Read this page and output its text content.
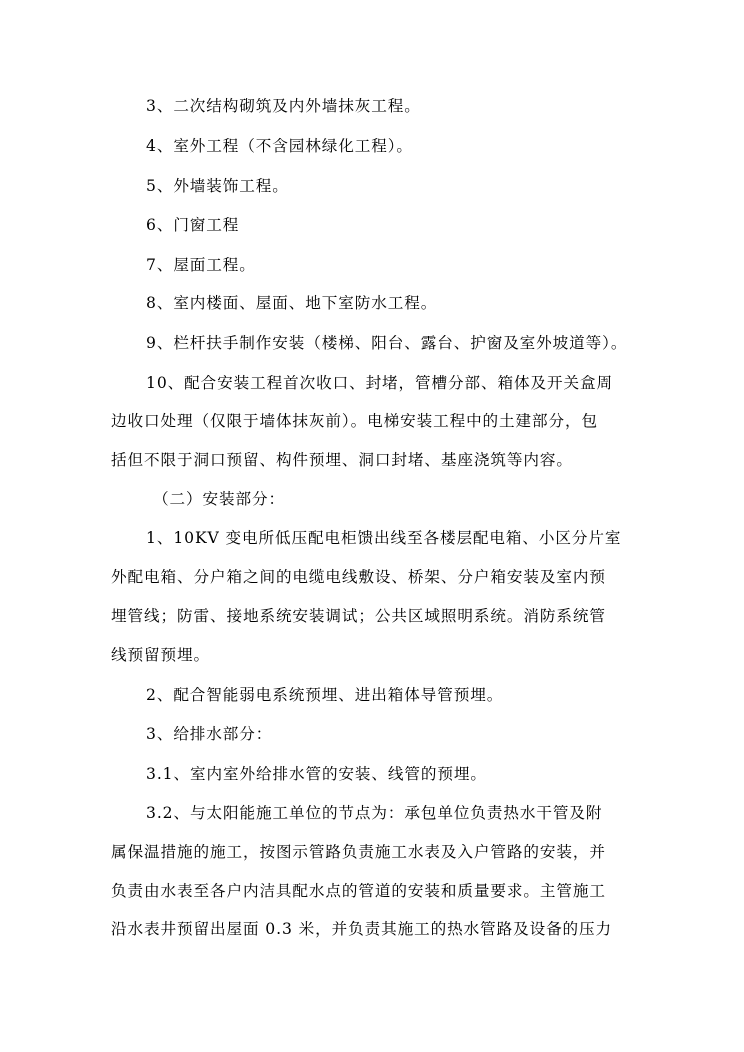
3、二次结构砌筑及内外墙抹灰工程。
4、室外工程（不含园林绿化工程）。
5、外墙装饰工程。
6、门窗工程
7、屋面工程。
8、室内楼面、屋面、地下室防水工程。
9、栏杆扶手制作安装（楼梯、阳台、露台、护窗及室外坡道等）。
10、配合安装工程首次收口、封堵，管槽分部、箱体及开关盒周
边收口处理（仅限于墙体抹灰前）。电梯安装工程中的土建部分，包
括但不限于洞口预留、构件预埋、洞口封堵、基座浇筑等内容。
（二）安装部分：
1、10KV 变电所低压配电柜馈出线至各楼层配电箱、小区分片室
外配电箱、分户箱之间的电缆电线敷设、桥架、分户箱安装及室内预
埋管线；防雷、接地系统安装调试；公共区域照明系统。消防系统管
线预留预埋。
2、配合智能弱电系统预埋、进出箱体导管预埋。
3、给排水部分：
3.1、室内室外给排水管的安装、线管的预埋。
3.2、与太阳能施工单位的节点为：承包单位负责热水干管及附
属保温措施的施工，按图示管路负责施工水表及入户管路的安装，并
负责由水表至各户内洁具配水点的管道的安装和质量要求。主管施工
沿水表井预留出屋面 0.3 米，并负责其施工的热水管路及设备的压力
